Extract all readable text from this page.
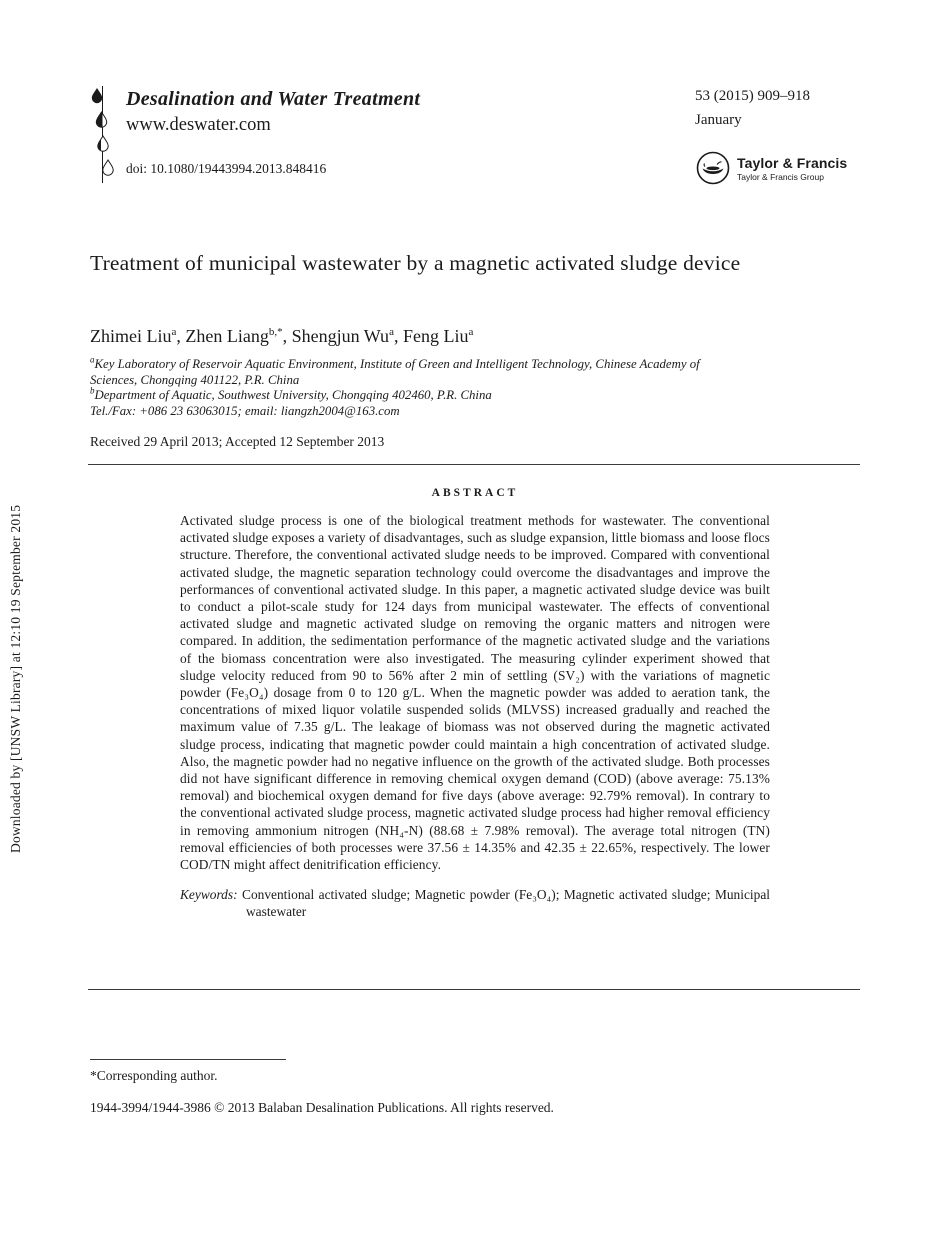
Downloaded by [UNSW Library] at 12:10 19 September 2015
Desalination and Water Treatment
www.deswater.com
doi: 10.1080/19443994.2013.848416
53 (2015) 909–918
January
Taylor & Francis
Taylor & Francis Group
Treatment of municipal wastewater by a magnetic activated sludge device
Zhimei Liu$^a$, Zhen Liang$^{b,*}$, Shengjun Wu$^a$, Feng Liu$^a$
$^a$Key Laboratory of Reservoir Aquatic Environment, Institute of Green and Intelligent Technology, Chinese Academy of Sciences, Chongqing 401122, P.R. China
$^b$Department of Aquatic, Southwest University, Chongqing 402460, P.R. China
Tel./Fax: +086 23 63063015; email: liangzh2004@163.com
Received 29 April 2013; Accepted 12 September 2013
ABSTRACT
Activated sludge process is one of the biological treatment methods for wastewater. The conventional activated sludge exposes a variety of disadvantages, such as sludge expansion, little biomass and loose flocs structure. Therefore, the conventional activated sludge needs to be improved. Compared with conventional activated sludge, the magnetic separation technology could overcome the disadvantages and improve the performances of conventional activated sludge. In this paper, a magnetic activated sludge device was built to conduct a pilot-scale study for 124 days from municipal wastewater. The effects of conventional activated sludge and magnetic activated sludge on removing the organic matters and nitrogen were compared. In addition, the sedimentation performance of the magnetic activated sludge and the variations of the biomass concentration were also investigated. The measuring cylinder experiment showed that sludge velocity reduced from 90 to 56% after 2 min of settling (SV₂) with the variations of magnetic powder (Fe₃O₄) dosage from 0 to 120 g/L. When the magnetic powder was added to aeration tank, the concentrations of mixed liquor volatile suspended solids (MLVSS) increased gradually and reached the maximum value of 7.35 g/L. The leakage of biomass was not observed during the magnetic activated sludge process, indicating that magnetic powder could maintain a high concentration of activated sludge. Also, the magnetic powder had no negative influence on the growth of the activated sludge. Both processes did not have significant difference in removing chemical oxygen demand (COD) (above average: 75.13% removal) and biochemical oxygen demand for five days (above average: 92.79% removal). In contrary to the conventional activated sludge process, magnetic activated sludge process had higher removal efficiency in removing ammonium nitrogen (NH₄-N) (88.68 ± 7.98% removal). The average total nitrogen (TN) removal efficiencies of both processes were 37.56 ± 14.35% and 42.35 ± 22.65%, respectively. The lower COD/TN might affect denitrification efficiency.
Keywords: Conventional activated sludge; Magnetic powder (Fe₃O₄); Magnetic activated sludge; Municipal wastewater
*Corresponding author.
1944-3994/1944-3986 © 2013 Balaban Desalination Publications. All rights reserved.
